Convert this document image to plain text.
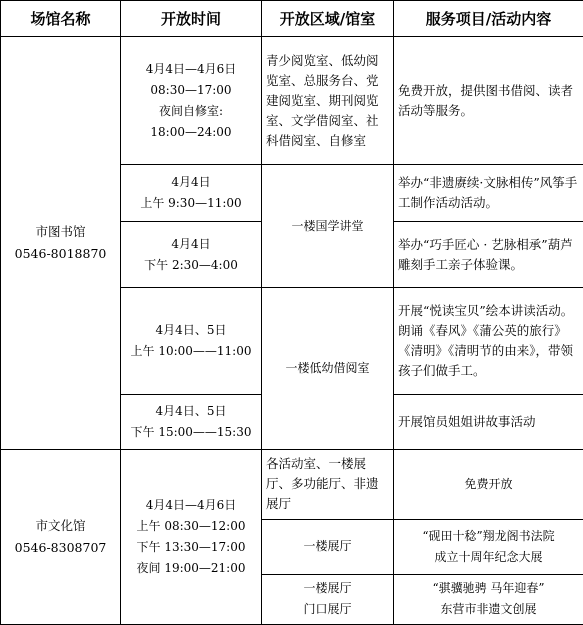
场馆名称	开放时间	开放区域/馆室	服务项目/活动内容

市图书馆
0546-8018870	4月4日—4月6日
08:30—17:00
夜间自修室:
18:00—24:00	青少阅览室、低幼阅览室、总服务台、党建阅览室、期刊阅览室、文学借阅室、社科借阅室、自修室	免费开放，提供图书借阅、读者活动等服务。

	4月4日
上午 9:30—11:00	一楼国学讲堂	举办“非遗赓续·文脉相传”风筝手工制作活动活动。

	4月4日
下午 2:30—4:00		举办“巧手匠心 · 艺脉相承”葫芦雕刻手工亲子体验课。

	4月4日、5日
上午 10:00——11:00	一楼低幼借阅室	开展“悦读宝贝”绘本讲读活动。朗诵《春风》《蒲公英的旅行》《清明》《清明节的由来》，带领孩子们做手工。

	4月4日、5日
下午 15:00——15:30		开展馆员姐姐讲故事活动

市文化馆
0546-8308707	4月4日—4月6日
上午 08:30—12:00
下午 13:30—17:00
夜间 19:00—21:00	各活动室、一楼展厅、多功能厅、非遗展厅	免费开放
		一楼展厅	“砚田十稔”翔龙阁书法院
成立十周年纪念大展

		一楼展厅
门口展厅	“骐骥驰骋 马年迎春”
东营市非遗文创展
